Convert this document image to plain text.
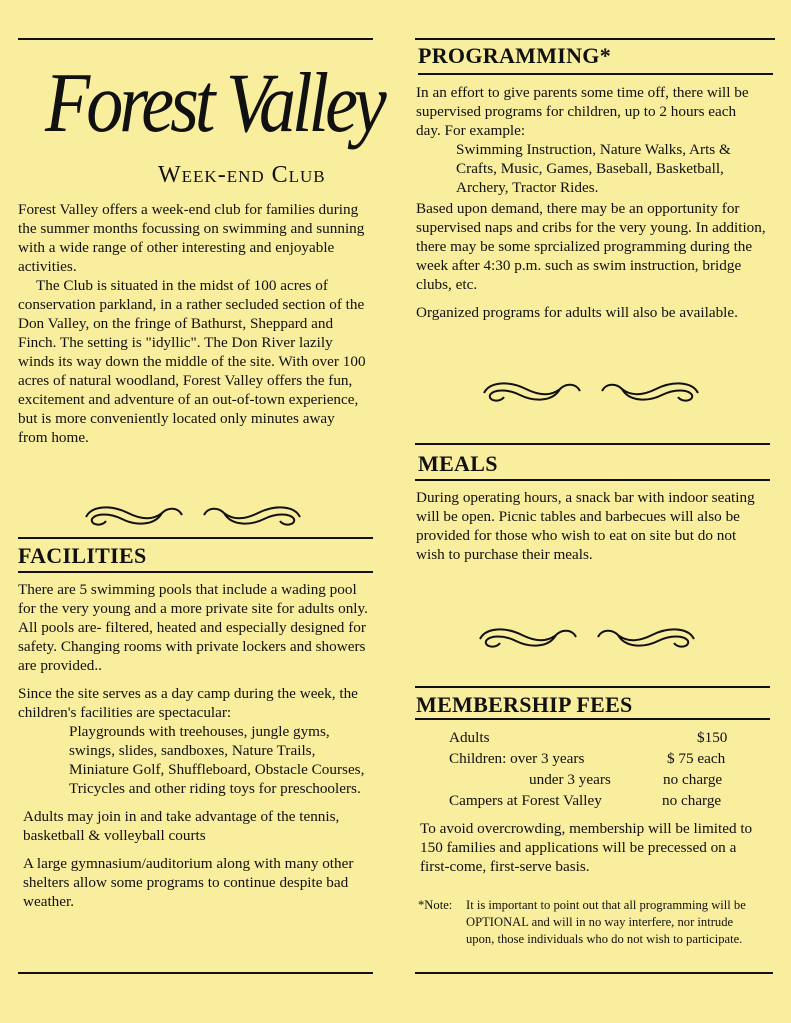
Forest Valley
Week-end Club

Forest Valley offers a week-end club for families during the summer months focussing on swimming and sunning with a wide range of other interesting and enjoyable activities.

The Club is situated in the midst of 100 acres of conservation parkland, in a rather secluded section of the Don Valley, on the fringe of Bathurst, Sheppard and Finch. The setting is "idyllic". The Don River lazily winds its way down the middle of the site. With over 100 acres of natural woodland, Forest Valley offers the fun, excitement and adventure of an out-of-town experience, but is more conveniently located only minutes away from home.

FACILITIES

There are 5 swimming pools that include a wading pool for the very young and a more private site for adults only. All pools are- filtered, heated and especially designed for safety. Changing rooms with private lockers and showers are provided..

Since the site serves as a day camp during the week, the children's facilities are spectacular:

Playgrounds with treehouses, jungle gyms, swings, slides, sandboxes, Nature Trails, Miniature Golf, Shuffleboard, Obstacle Courses, Tricycles and other riding toys for preschoolers.

Adults may join in and take advantage of the tennis, basketball & volleyball courts

A large gymnasium/auditorium along with many other shelters allow some programs to continue despite bad weather.

PROGRAMMING*

In an effort to give parents some time off, there will be supervised programs for children, up to 2 hours each day. For example:

Swimming Instruction, Nature Walks, Arts & Crafts, Music, Games, Baseball, Basketball, Archery, Tractor Rides.

Based upon demand, there may be an opportunity for supervised naps and cribs for the very young. In addition, there may be some sprcialized programming during the week after 4:30 p.m. such as swim instruction, bridge clubs, etc.

Organized programs for adults will also be available.

MEALS

During operating hours, a snack bar with indoor seating will be open. Picnic tables and barbecues will also be provided for those who wish to eat on site but do not wish to purchase their meals.

MEMBERSHIP FEES
Adults	$150
Children: over 3 years	$ 75 each
under 3 years	no charge
Campers at Forest Valley	no charge

To avoid overcrowding, membership will be limited to 150 families and applications will be precessed on a first-come, first-serve basis.

*Note:	It is important to point out that all programming will be OPTIONAL and will in no way interfere, nor intrude upon, those individuals who do not wish to participate.
